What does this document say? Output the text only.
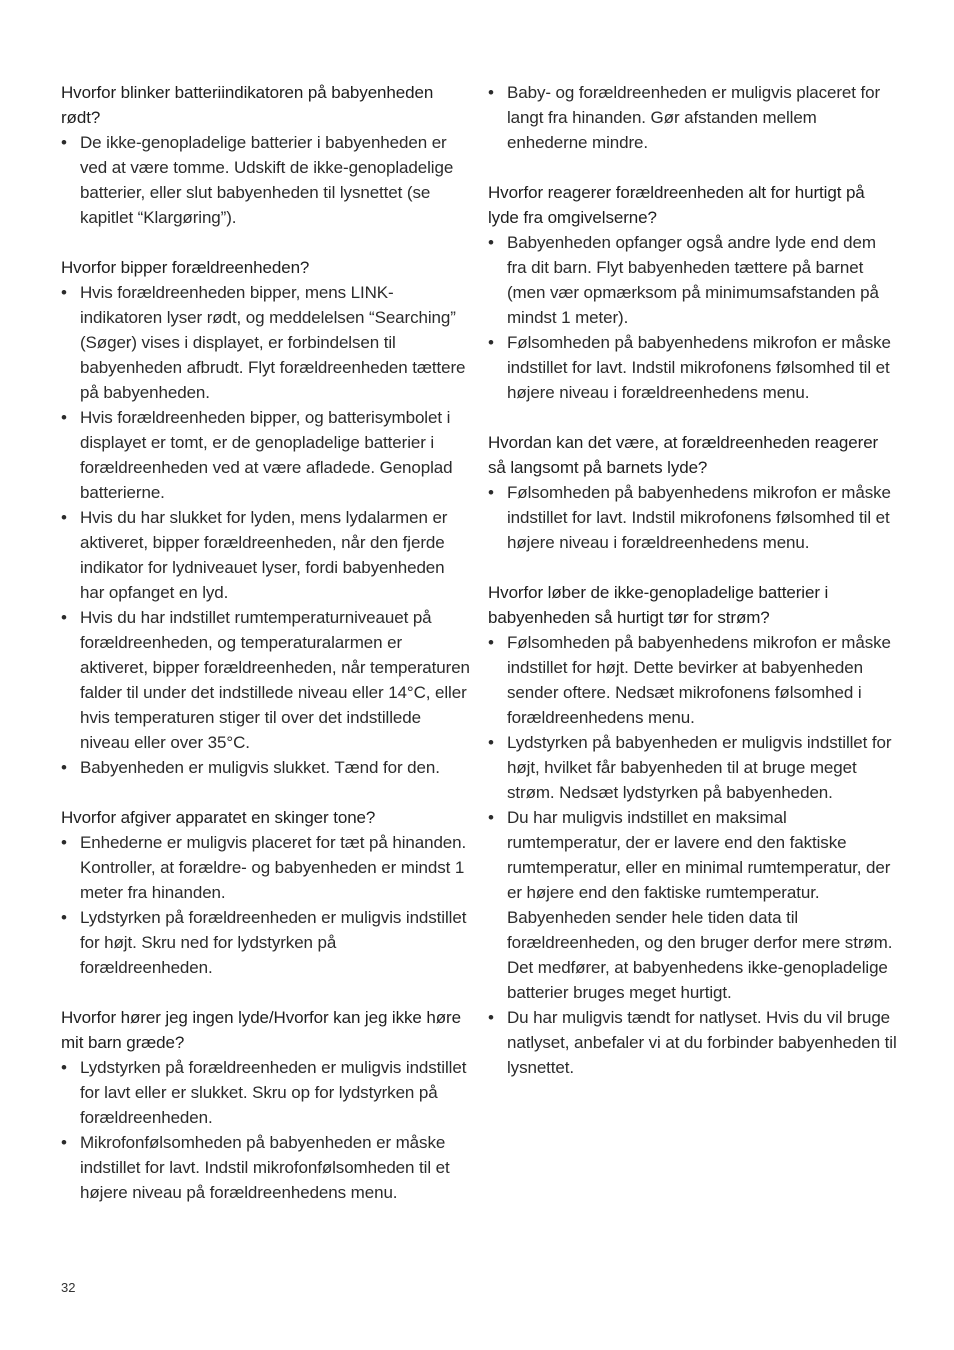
Hvorfor blinker batteriindikatoren på babyenheden rødt?

• De ikke-genopladelige batterier i babyenheden er ved at være tomme. Udskift de ikke-genopladelige batterier, eller slut babyenheden til lysnettet (se kapitlet “Klargøring”).

Hvorfor bipper forældreenheden?

• Hvis forældreenheden bipper, mens LINK-indikatoren lyser rødt, og meddelelsen “Searching” (Søger) vises i displayet, er forbindelsen til babyenheden afbrudt. Flyt forældreenheden tættere på babyenheden.
• Hvis forældreenheden bipper, og batterisymbolet i displayet er tomt, er de genopladelige batterier i forældreenheden ved at være afladede. Genoplad batterierne.
• Hvis du har slukket for lyden, mens lydalarmen er aktiveret, bipper forældreenheden, når den fjerde indikator for lydniveauet lyser, fordi babyenheden har opfanget en lyd.
• Hvis du har indstillet rumtemperaturniveauet på forældreenheden, og temperaturalarmen er aktiveret, bipper forældreenheden, når temperaturen falder til under det indstillede niveau eller 14°C, eller hvis temperaturen stiger til over det indstillede niveau eller over 35°C.
• Babyenheden er muligvis slukket. Tænd for den.

Hvorfor afgiver apparatet en skinger tone?

• Enhederne er muligvis placeret for tæt på hinanden. Kontroller, at forældre- og babyenheden er mindst 1 meter fra hinanden.
• Lydstyrken på forældreenheden er muligvis indstillet for højt. Skru ned for lydstyrken på forældreenheden.

Hvorfor hører jeg ingen lyde/Hvorfor kan jeg ikke høre mit barn græde?

• Lydstyrken på forældreenheden er muligvis indstillet for lavt eller er slukket. Skru op for lydstyrken på forældreenheden.
• Mikrofonfølsomheden på babyenheden er måske indstillet for lavt. Indstil mikrofonfølsomheden til et højere niveau på forældreenhedens menu.
• Baby- og forældreenheden er muligvis placeret for langt fra hinanden. Gør afstanden mellem enhederne mindre.

Hvorfor reagerer forældreenheden alt for hurtigt på lyde fra omgivelserne?

• Babyenheden opfanger også andre lyde end dem fra dit barn. Flyt babyenheden tættere på barnet (men vær opmærksom på minimumsafstanden på mindst 1 meter).
• Følsomheden på babyenhedens mikrofon er måske indstillet for lavt. Indstil mikrofonens følsomhed til et højere niveau i forældreenhedens menu.

Hvordan kan det være, at forældreenheden reagerer så langsomt på barnets lyde?

• Følsomheden på babyenhedens mikrofon er måske indstillet for lavt. Indstil mikrofonens følsomhed til et højere niveau i forældreenhedens menu.

Hvorfor løber de ikke-genopladelige batterier i babyenheden så hurtigt tør for strøm?

• Følsomheden på babyenhedens mikrofon er måske indstillet for højt. Dette bevirker at babyenheden sender oftere. Nedsæt mikrofonens følsomhed i forældreenhedens menu.
• Lydstyrken på babyenheden er muligvis indstillet for højt, hvilket får babyenheden til at bruge meget strøm. Nedsæt lydstyrken på babyenheden.
• Du har muligvis indstillet en maksimal rumtemperatur, der er lavere end den faktiske rumtemperatur, eller en minimal rumtemperatur, der er højere end den faktiske rumtemperatur. Babyenheden sender hele tiden data til forældreenheden, og den bruger derfor mere strøm. Det medfører, at babyenhedens ikke-genopladelige batterier bruges meget hurtigt.
• Du har muligvis tændt for natlyset. Hvis du vil bruge natlyset, anbefaler vi at du forbinder babyenheden til lysnettet.
32
